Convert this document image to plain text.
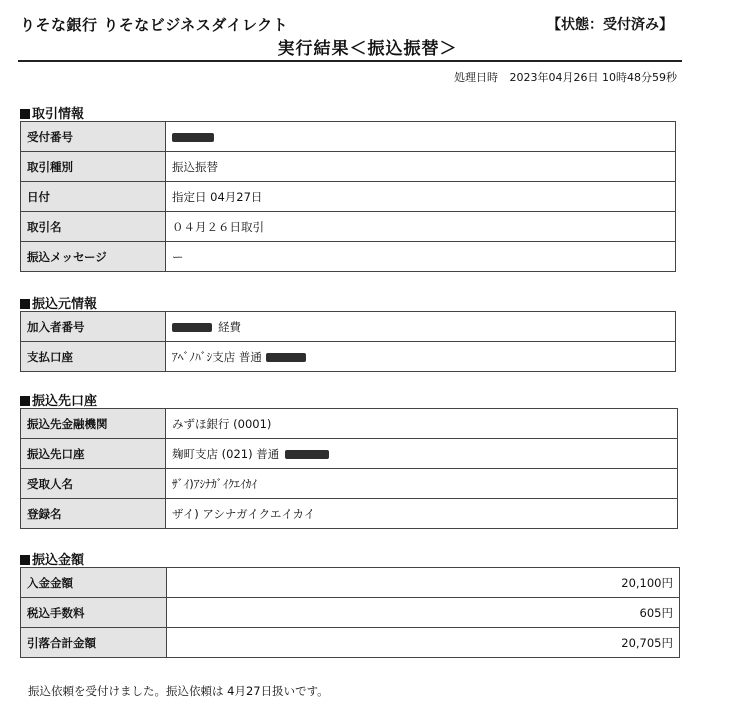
りそな銀行 りそなビジネスダイレクト	【状態：受付済み】
実行結果＜振込振替＞
処理日時 2023年04月26日 10時48分59秒
取引情報
受付番号	
取引種別	振込振替
日付	指定日 04月27日
取引名	０４月２６日取引
振込メッセージ	ー
振込元情報
加入者番号	経費
支払口座	ｱﾍﾞﾉﾊﾞｼ支店 普通
振込先口座
振込先金融機関	みずほ銀行 (0001)
振込先口座	麹町支店 (021) 普通
受取人名	ｻﾞｲ)ｱｼﾅｶﾞｲｸｴｲｶｲ
登録名	ザイ) アシナガイクエイカイ
振込金額
入金金額	20,100円
税込手数料	605円
引落合計金額	20,705円
振込依頼を受付けました。振込依頼は 4月27日扱いです。
